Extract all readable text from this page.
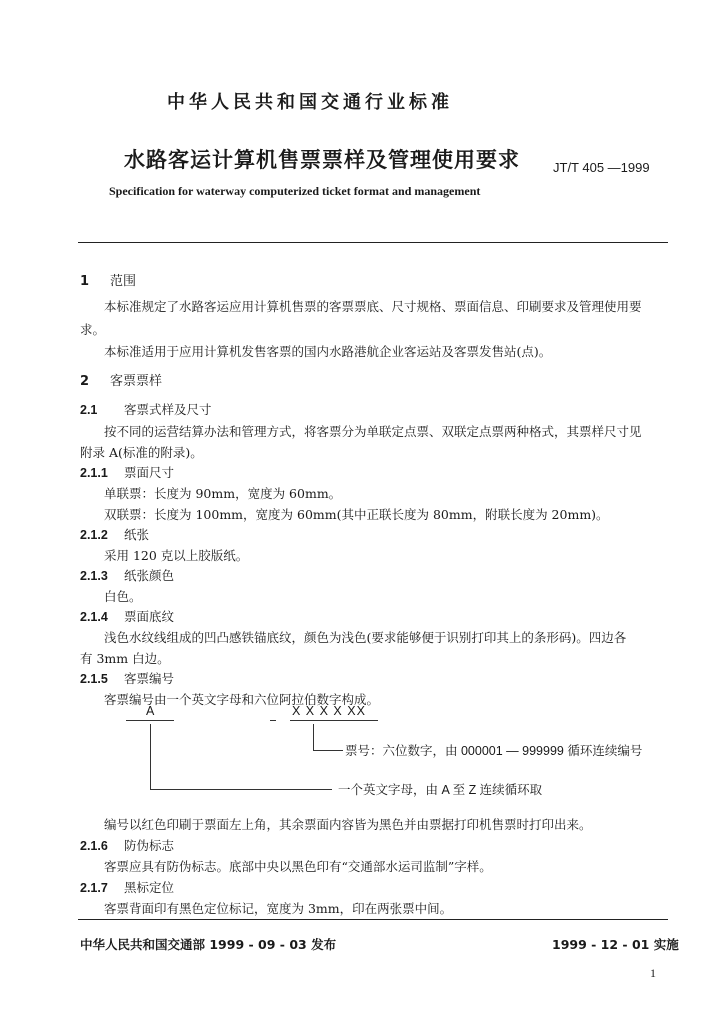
中华人民共和国交通行业标准
水路客运计算机售票票样及管理使用要求	JT/T 405 —1999
Specification for waterway computerized ticket format and management
1 范围
本标准规定了水路客运应用计算机售票的客票票底、尺寸规格、票面信息、印刷要求及管理使用要
求。
本标准适用于应用计算机发售客票的国内水路港航企业客运站及客票发售站(点)。
2 客票票样
2.1 客票式样及尺寸
按不同的运营结算办法和管理方式，将客票分为单联定点票、双联定点票两种格式，其票样尺寸见
附录 A(标准的附录)。
2.1.1 票面尺寸
单联票：长度为 90mm，宽度为 60mm。
双联票：长度为 100mm，宽度为 60mm(其中正联长度为 80mm，附联长度为 20mm)。
2.1.2 纸张
采用 120 克以上胶版纸。
2.1.3 纸张颜色
白色。
2.1.4 票面底纹
浅色水纹线组成的凹凸感铁锚底纹，颜色为浅色(要求能够便于识别打印其上的条形码)。四边各
有 3mm 白边。
2.1.5 客票编号
客票编号由一个英文字母和六位阿拉伯数字构成。
A	X X X X XX
票号：六位数字，由 000001 — 999999 循环连续编号
一个英文字母，由 A 至 Z 连续循环取
编号以红色印刷于票面左上角，其余票面内容皆为黑色并由票据打印机售票时打印出来。
2.1.6 防伪标志
客票应具有防伪标志。底部中央以黑色印有“交通部水运司监制”字样。
2.1.7 黑标定位
客票背面印有黑色定位标记，宽度为 3mm，印在两张票中间。
中华人民共和国交通部 1999 - 09 - 03 发布	1999 - 12 - 01 实施
1
